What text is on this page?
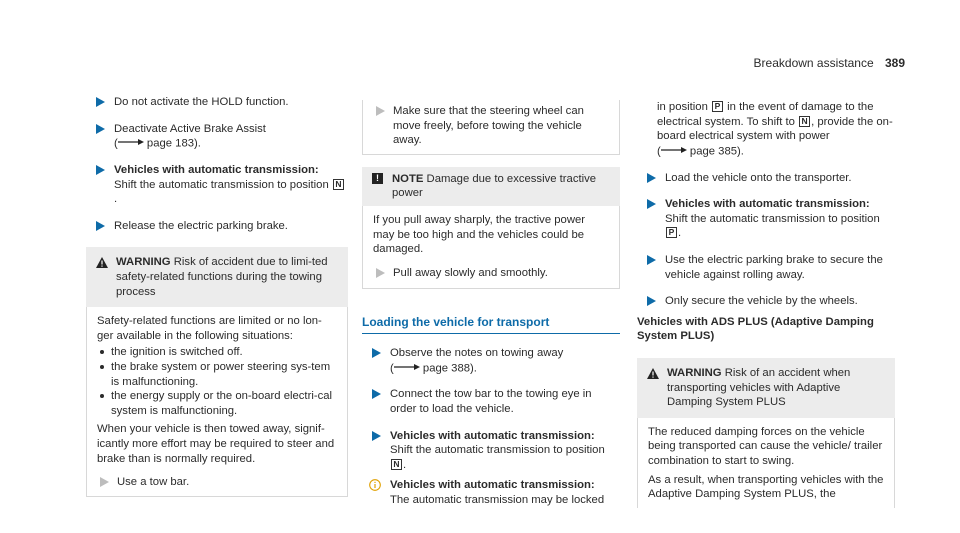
Breakdown assistance 389
Do not activate the HOLD function.
Deactivate Active Brake Assist
(	page 183).
Vehicles with automatic transmission:
Shift the automatic transmission to position N.
Release the electric parking brake.
WARNING Risk of accident due to limi-ted safety-related functions during the towing process
Safety-related functions are limited or no lon-ger available in the following situations:
the ignition is switched off.
the brake system or power steering sys-tem is malfunctioning.
the energy supply or the on-board electri-cal system is malfunctioning.
When your vehicle is then towed away, signif-icantly more effort may be required to steer and brake than is normally required.
Use a tow bar.
Make sure that the steering wheel can move freely, before towing the vehicle away.
!	NOTE Damage due to excessive tractive power
If you pull away sharply, the tractive power may be too high and the vehicles could be damaged.
Pull away slowly and smoothly.
Loading the vehicle for transport
Observe the notes on towing away
(	page 388).
Connect the tow bar to the towing eye in order to load the vehicle.
Vehicles with automatic transmission:
Shift the automatic transmission to position
N .
Vehicles with automatic transmission:
The automatic transmission may be locked
in position P in the event of damage to the electrical system. To shift to N , provide the on-board electrical system with power
(	page 385).
Load the vehicle onto the transporter.
Vehicles with automatic transmission:
Shift the automatic transmission to position
P .
Use the electric parking brake to secure the vehicle against rolling away.
Only secure the vehicle by the wheels.
Vehicles with ADS PLUS (Adaptive Damping System PLUS)
WARNING Risk of an accident when transporting vehicles with Adaptive Damping System PLUS
The reduced damping forces on the vehicle being transported can cause the vehicle/ trailer combination to start to swing.
As a result, when transporting vehicles with the Adaptive Damping System PLUS, the
